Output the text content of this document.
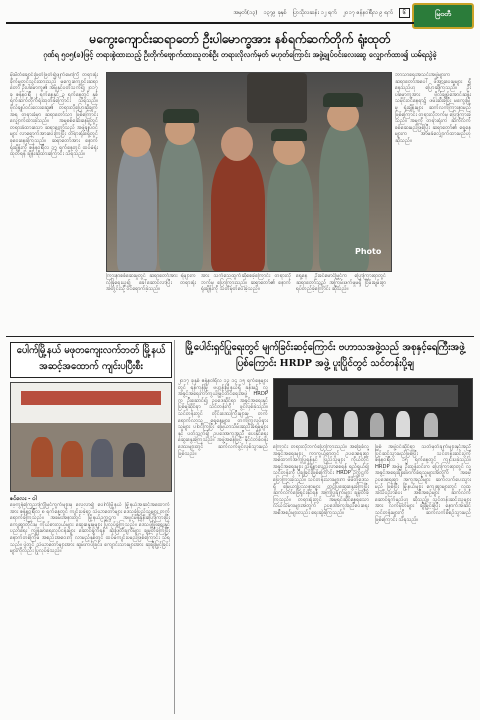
အမှတ်(၁၃) ၁၃၇၉ ခုနှစ် ပြာသိုလဆန်း ၁၂ ရက် ၂၀၁၇ ဇန်နဝါရီလ ၉ ရက်	၆	မြဝတီ
မကွေးကျောင်းဆရာတော် ဦးပါမောက္ခအား နစ်ရက်ဆက်တိုက် ရုံးထုတ်
ဂုဏ်ရ ၅၀၅(ခ)ဖြင့် တရားစွဲထားသည့် ဦးတိုက်ဗျောက်ထားသူတစ်ဦး တရားလိုလက်မှတ် မဟုတ်ကြောင်း အဖွဲ့ချုပ်ဝင်းလေးဆွေ လျှောက်ထား၍ ယမ်ရသွဲခဲ့
မိုးမိတ်ချောင်းဖြတ်ဖြတ်၍ဖျက်မောကြိ တရားရုံးခိုက်မှုတင်သွင်းထားသည့် မကွေးကျောင်းဆရာတော် ဦးပါမောက္ခ၏ အမှုနှင့်ပတ်သက်၍ ၂၀၁၇ ခု ဇန်နဝါရီ ၂ ရက်နေ့နှင့် ၃ ရက်နေ့တွင် နှစ်ရက်ဆက်တိုက်ရုံးထုတ်ခဲ့ကြောင်း သိရသည်။ ဗိုလ်ချုပ်ဝင်းလေးဆွေ၏ တရားလိုပြောဆိုချက်အရ တရားခံမှာ ဆရာတော်သာ ဖြစ်ကြောင်း လျှောက်ထားခဲ့သည်။ အမှုစစ်ဆေးနေမှုတွင် တရားခံထားသော ဆရာတော်သည် အဖွဲ့ချုပ်ဝင်များ လာရောက်အားပေးကြပြီး တရားရုံးရှေ့တွင် စုဝေးနေခဲ့ကြသည်။ ဆရာတော်အား နောက်ရုံးချိန်းကို ဇန်နဝါရီလ ၁၇ ရက်နေ့တွင် ထပ်မံရုံးထုတ်ရန် ချိန်းဆိုထားကြောင်း သိရသည်။
Photo
ဘာသာရေးအသင်းအဖွဲ့များက ဆရာတော်အပေါ် ဖိအားပေးမှုများ ရှိနေသည်ဟု ပြောဆိုကြသည်။ ဦးပါမောက္ခအား ဗိုလ်ချုပ်အောင်ဆန်းသမိုင်းဝင်နေရာ၌ ဖမ်းဆီးခဲ့ပြီး မကွေးမြို့မှ ရုံးချိန်းများ ဆက်လက်ကြားနာမည်ဖြစ်ကြောင်း တရားလိုဘက်မှ ပြောကြားခဲ့သည်။ အမှုကို တရားရုံးက ဆက်လက်စစ်ဆေးမည်ဖြစ်ပြီး ဆရာတော်၏ ရှေ့နေများက အာမခံလျှောက်ထားမည်ဟု ဆိုသည်။
ကြားနာစစ်ဆေးမှုတွင် ဆရာတော်အား ရဲများက လုံခြုံရေးယူ၍ ခေါ်ဆောင်လာပြီး တရားရုံးအတွင်းသို့ ဝင်ရောက်ခဲ့သည်။
အား သက်သေထွက်ဆိုစေခဲ့ကြောင်း တရားလိုဘက်မှ ပြောကြားသည်။ ဆရာတော်၏ နောက်ရုံးချိန်းကို သတ်မှတ်ပေးခဲ့သည်။
ရှေ့နေ ဦးခင်မောင်မြင့်က ပြောကြားရာတွင် ဆရာတော်သည် အကြမ်းဖက်မှုမရှိ ငြိမ်းချမ်းစွာ ရပ်တည်ခဲ့ကြောင်း ဆိုသည်။
ပေါက်မြို့နယ် မဖုတကျေးလက်ဘတ် မြို့နယ်အဆင့်အထောက် ကျင်းပပြီးစီး
ဇင်လေး - ဝါ
ဖေ့ကွန်ကြေညာကြိုမြင်ကွက်များမှ လေ့လာ၍ ပေါက်မြို့နယ် မြို့နယ်အဆင့်အထောက်အား ဇန်နဝါရီလ ၈ ရက်နေ့တွင် ကျင်းပခဲ့ရာ သံဃာတော်များ ဒေသခံပြည်သူများ တက်ရောက်ခဲ့ကြသည်။ အခမ်းအနားတွင် မြို့နယ်ဥက္ကဋ္ဌက အဖွင့်မိန့်ခွန်းပြောကြားပြီး ကျေးရွာတိုင်းမှ ကိုယ်စားလှယ်များ ဆွေးနွေးမှုများ ပြုလုပ်ခဲ့ကြသည်။ ဒေသဖွံ့ဖြိုးရေးနှင့် ပညာရေး ကျန်းမာရေးလုပ်ငန်းများ ဆောင်ရွက်ရန် ဆုံးဖြတ်ချက်များ ချမှတ်ခဲ့ကြပြီး နောက်တစ်ကြိမ် အစည်းအဝေးကို လာမည့်နှစ်တွင် ထပ်မံကျင်းပမည်ဖြစ်ကြောင်း သိရသည်။ ပွဲတွင် သံဃာတော်များအား ဆွမ်းကပ်ခြင်း၊ ကျောင်းသားများအား ဆုချီးမြှင့်ခြင်းများကိုလည်း ပြုလုပ်ခဲ့သည်။
မြို့ပေါင်းရှင်ပြုရေးတွင် မျက်ခြင်းဆင့်ကြောင်း ဗဟာသအဖွဲ့သည် အစုနှင့်ရေကြီးအဖွဲ့ ပြစ်ကြောင်း HRDP အဖွဲ့ ပူးပြိုင်တွင် သင်တန်းပို့ချ
၂၀၁၇ ခုနှစ် ဇန်နဝါရီလ ၁၃ ၁၄ ၁၅ ရက်နေ့များတွင် ရန်ကုန်မြို့ ဗဟန်းမြို့နယ်ရှိ ခန်းမ၌ လူ့အခွင့်အရေးကာကွယ်မြှင့်တင်ရေးအဖွဲ့ HRDP က ဦးဆောင်၍ ဥပဒေဆိုင်ရာ အခွင့်အရေးနှင့် ပြစ်မှုဆိုင်ရာ သင်တန်းကို ဖွင့်လှစ်ခဲ့သည်။ သင်တန်းတွင် တိုင်းဒေသကြီးများမှ တက်ရောက်လာသူ ရှေ့နေများ၊ တက်ကြွလှုပ်ရှားသူများ ပါဝင်ကြပြီး မြေယာသိမ်းဆည်းခံရမှုများနှင့် ပတ်သက်၍ ဥပဒေအကူအညီ ပေးနိုင်ရေး ဆွေးနွေးခဲ့ကြသည်။ အဖွဲ့အနေဖြင့် နိုင်ငံတစ်ဝန်း ဒေသများတွင် ဆက်လက်ဖွင့်လှစ်သွားမည်ဖြစ်သည်။
ကြောင်း တရားလိုဘက်ပြောကြားသည်။ အခြေခံလူ့အခွင့်အရေးများ ကာကွယ်ရာတွင် ဥပဒေရေးရာ အထောက်အကူပြုရန်နှင့် ပြည်သူများ ကိုယ်တိုင် အခွင့်အရေးများ သိရှိနားလည်လာစေရန် ရည်ရွယ်၍ သင်တန်းကို ပို့ချခြင်းဖြစ်ကြောင်း HRDP ဥက္ကဋ္ဌက ပြောကြားခဲ့သည်။ သင်တန်းသားများက မိမိတို့ဒေသရှိ မြေယာပြဿနာများ တင်ပြဆွေးနွေးခဲ့ကြပြီး ဆက်လက်ဖြေရှင်းနိုင်ရန် အကြံပြုချက်များ ချမှတ်ခဲ့ကြသည်။ တရားရုံးတွင် အမှုရင်ဆိုင်နေရသော လယ်သမားများအတွက် ဥပဒေအကူအညီပေးရေး အစီအစဉ်များလည်း ရေးဆွဲခဲ့ကြသည်။
ဖြစ် အဖွဲ့ဝင်ဆိုင်ရာ သတ်မှတ်ချက်များနှင့်အညီ ပြင်ဆင်သွားမည်ဖြစ်ပြီး သင်တန်းဆင်းပွဲကို ဇန်နဝါရီလ ၁၅ ရက်နေ့တွင် ကျင်းပခဲ့သည်။ HRDP အဖွဲ့မှ ဦးထွန်းဝင်းက ပြောကြားရာတွင် လူ့အခွင့်အရေးချိုးဖောက်ခံရသူများအတွက် အခမဲ့ဥပဒေရေးရာ အကူအညီများ ဆက်လက်ပေးသွားမည် ဖြစ်ပြီး မြို့နယ်များ ကျေးရွာများတွင် လူထုအသိပညာပေး အစီအစဉ်များ ဆက်လက်ဆောင်ရွက်မည်ဟု ဆိုသည်။ သင်တန်းဆင်းသူများအား လက်မှတ်များ ချီးမြှင့်ခဲ့ပြီး နောက်အဆင့် သင်တန်းများကို ဆက်လက်စီစဉ်သွားမည်ဖြစ်ကြောင်း သိရသည်။
